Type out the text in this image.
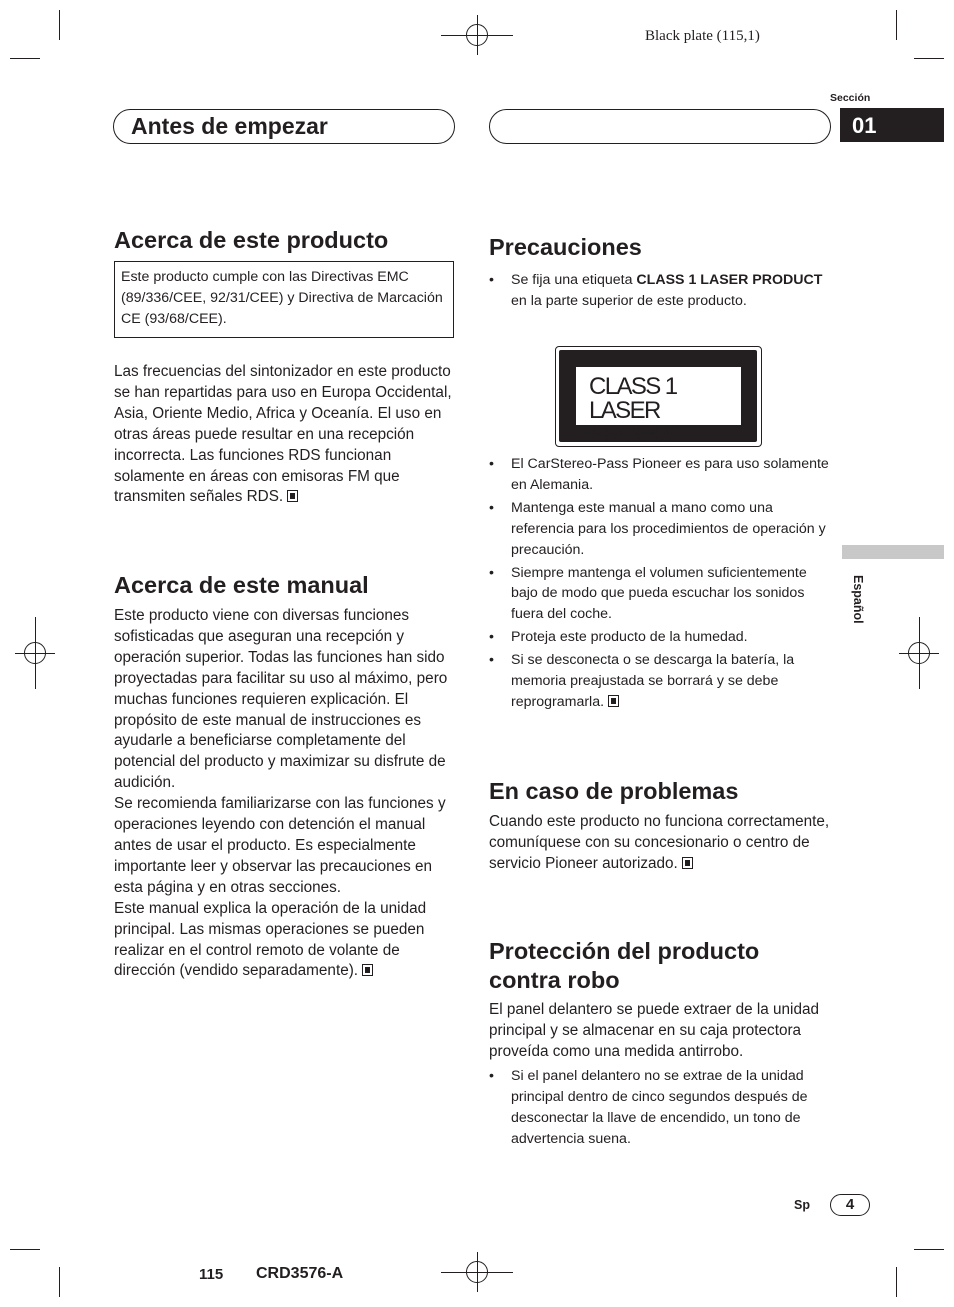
Black plate (115,1)
Antes de empezar
Sección
01
Español
Acerca de este producto
Este producto cumple con las Directivas EMC (89/336/CEE, 92/31/CEE) y Directiva de Marcación CE (93/68/CEE).

Las frecuencias del sintonizador en este producto se han repartidas para uso en Europa Occidental, Asia, Oriente Medio, Africa y Oceanía. El uso en otras áreas puede resultar en una recepción incorrecta. Las funciones RDS funcionan solamente en áreas con emisoras FM que transmiten señales RDS.

Acerca de este manual

Este producto viene con diversas funciones sofisticadas que aseguran una recepción y operación superior. Todas las funciones han sido proyectadas para facilitar su uso al máximo, pero muchas funciones requieren explicación. El propósito de este manual de instrucciones es ayudarle a beneficiarse completamente del potencial del producto y maximizar su disfrute de audición.

Se recomienda familiarizarse con las funciones y operaciones leyendo con detención el manual antes de usar el producto. Es especialmente importante leer y observar las precauciones en esta página y en otras secciones.

Este manual explica la operación de la unidad principal. Las mismas operaciones se pueden realizar en el control remoto de volante de dirección (vendido separadamente).

Precauciones
• Se fija una etiqueta CLASS 1 LASER PRODUCT en la parte superior de este producto.
CLASS 1
LASER PRODUCT
• El CarStereo-Pass Pioneer es para uso solamente en Alemania.
• Mantenga este manual a mano como una referencia para los procedimientos de operación y precaución.
• Siempre mantenga el volumen suficientemente bajo de modo que pueda escuchar los sonidos fuera del coche.
• Proteja este producto de la humedad.
• Si se desconecta o se descarga la batería, la memoria preajustada se borrará y se debe reprogramarla.
En caso de problemas

Cuando este producto no funciona correctamente, comuníquese con su concesionario o centro de servicio Pioneer autorizado.

Protección del producto
contra robo
El panel delantero se puede extraer de la unidad principal y se almacenar en su caja protectora proveída como una medida antirrobo.
• Si el panel delantero no se extrae de la unidad principal dentro de cinco segundos después de desconectar la llave de encendido, un tono de advertencia suena.
Sp	4
115 CRD3576-A
